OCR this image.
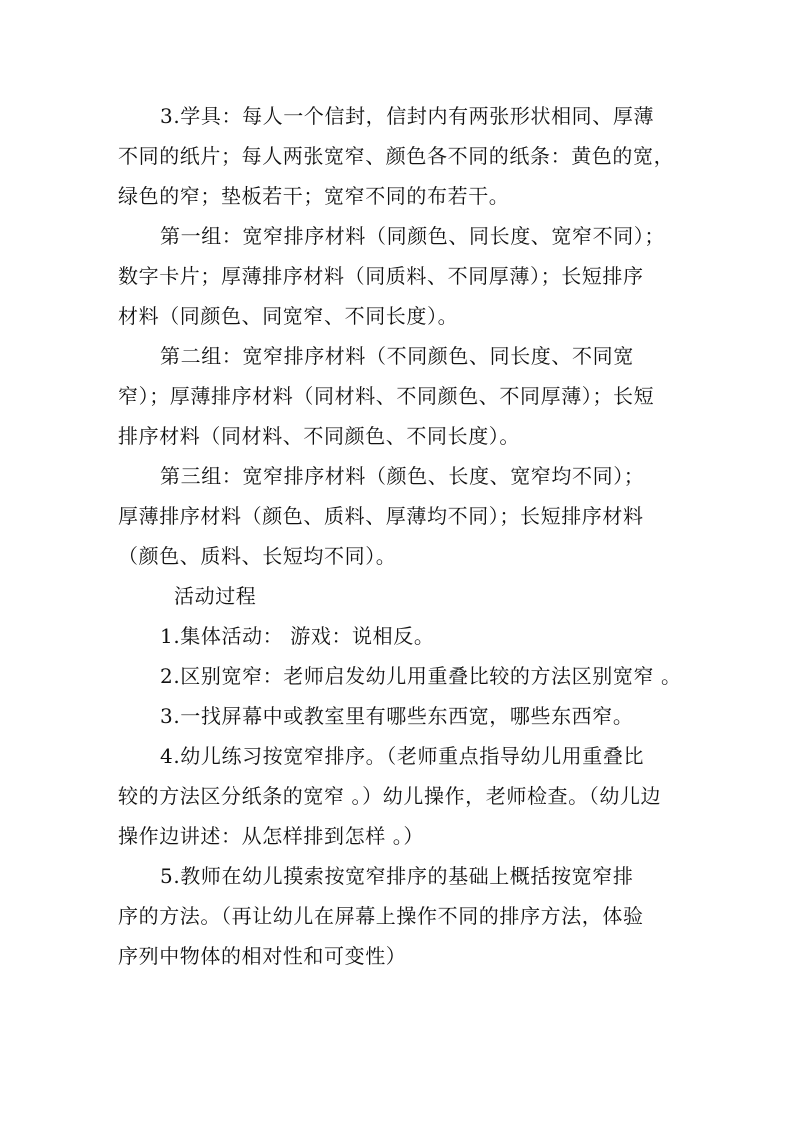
3.学具：每人一个信封，信封内有两张形状相同、厚薄
不同的纸片；每人两张宽窄、颜色各不同的纸条：黄色的宽，
绿色的窄；垫板若干；宽窄不同的布若干。
第一组：宽窄排序材料（同颜色、同长度、宽窄不同）；
数字卡片；厚薄排序材料（同质料、不同厚薄）；长短排序
材料（同颜色、同宽窄、不同长度）。
第二组：宽窄排序材料（不同颜色、同长度、不同宽
窄）；厚薄排序材料（同材料、不同颜色、不同厚薄）；长短
排序材料（同材料、不同颜色、不同长度）。
第三组：宽窄排序材料（颜色、长度、宽窄均不同）；
厚薄排序材料（颜色、质料、厚薄均不同）；长短排序材料
（颜色、质料、长短均不同）。
活动过程
1.集体活动： 游戏：说相反。
2.区别宽窄：老师启发幼儿用重叠比较的方法区别宽窄 。
3.一找屏幕中或教室里有哪些东西宽，哪些东西窄。
4.幼儿练习按宽窄排序。（老师重点指导幼儿用重叠比
较的方法区分纸条的宽窄 。）幼儿操作，老师检查。（幼儿边
操作边讲述：从怎样排到怎样 。）
5.教师在幼儿摸索按宽窄排序的基础上概括按宽窄排
序的方法。（再让幼儿在屏幕上操作不同的排序方法，体验
序列中物体的相对性和可变性）
